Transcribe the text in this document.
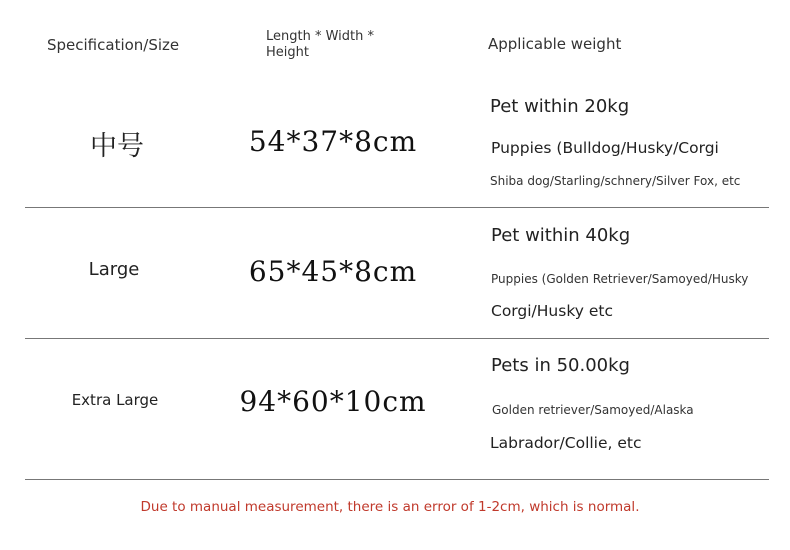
Specification/Size	Length * Width * Height	Applicable weight
中号	54*37*8cm
Pet within 20kg
Puppies (Bulldog/Husky/Corgi
Shiba dog/Starling/schnery/Silver Fox, etc
Large	65*45*8cm
Pet within 40kg
Puppies (Golden Retriever/Samoyed/Husky
Corgi/Husky etc
Extra Large	94*60*10cm
Pets in 50.00kg
Golden retriever/Samoyed/Alaska
Labrador/Collie, etc
Due to manual measurement, there is an error of 1-2cm, which is normal.
